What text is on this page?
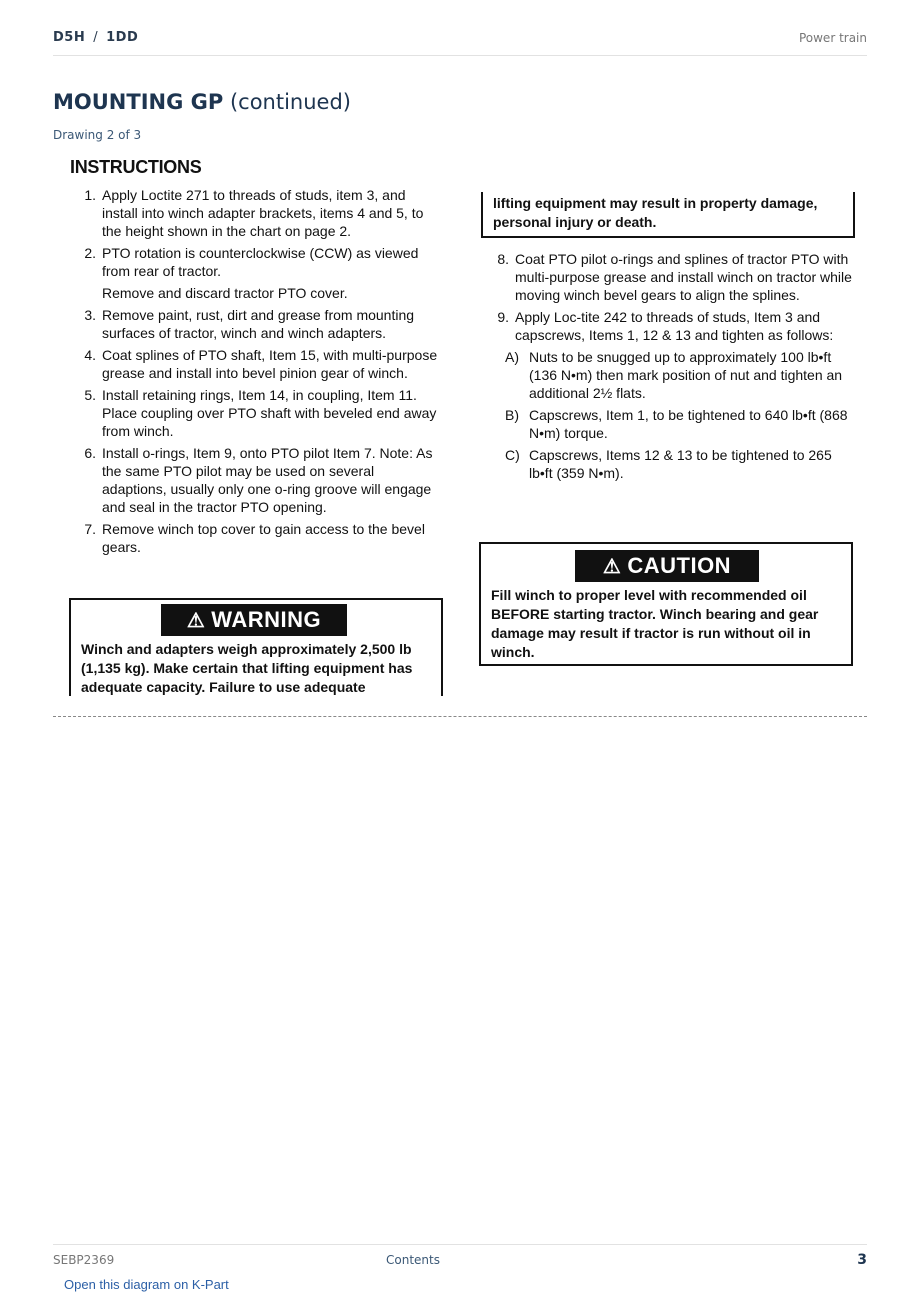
D5H / 1DD	Power train
MOUNTING GP (continued)
Drawing 2 of 3
INSTRUCTIONS
1. Apply Loctite 271 to threads of studs, item 3, and install into winch adapter brackets, items 4 and 5, to the height shown in the chart on page 2.
2. PTO rotation is counterclockwise (CCW) as viewed from rear of tractor.
Remove and discard tractor PTO cover.
3. Remove paint, rust, dirt and grease from mounting surfaces of tractor, winch and winch adapters.
4. Coat splines of PTO shaft, Item 15, with multi-purpose grease and install into bevel pinion gear of winch.
5. Install retaining rings, Item 14, in coupling, Item 11. Place coupling over PTO shaft with beveled end away from winch.
6. Install o-rings, Item 9, onto PTO pilot Item 7. Note: As the same PTO pilot may be used on several adaptions, usually only one o-ring groove will engage and seal in the tractor PTO opening.
7. Remove winch top cover to gain access to the bevel gears.
⚠ WARNING
Winch and adapters weigh approximately 2,500 lb (1,135 kg). Make certain that lifting equipment has adequate capacity. Failure to use adequate
lifting equipment may result in property damage, personal injury or death.
8. Coat PTO pilot o-rings and splines of tractor PTO with multi-purpose grease and install winch on tractor while moving winch bevel gears to align the splines.
9. Apply Loc-tite 242 to threads of studs, Item 3 and capscrews, Items 1, 12 & 13 and tighten as follows:
A) Nuts to be snugged up to approximately 100 lb•ft (136 N•m) then mark position of nut and tighten an additional 2½ flats.
B) Capscrews, Item 1, to be tightened to 640 lb•ft (868 N•m) torque.
C) Capscrews, Items 12 & 13 to be tightened to 265 lb•ft (359 N•m).
⚠ CAUTION
Fill winch to proper level with recommended oil BEFORE starting tractor. Winch bearing and gear damage may result if tractor is run without oil in winch.
SEBP2369	Contents	3
Open this diagram on K-Part
